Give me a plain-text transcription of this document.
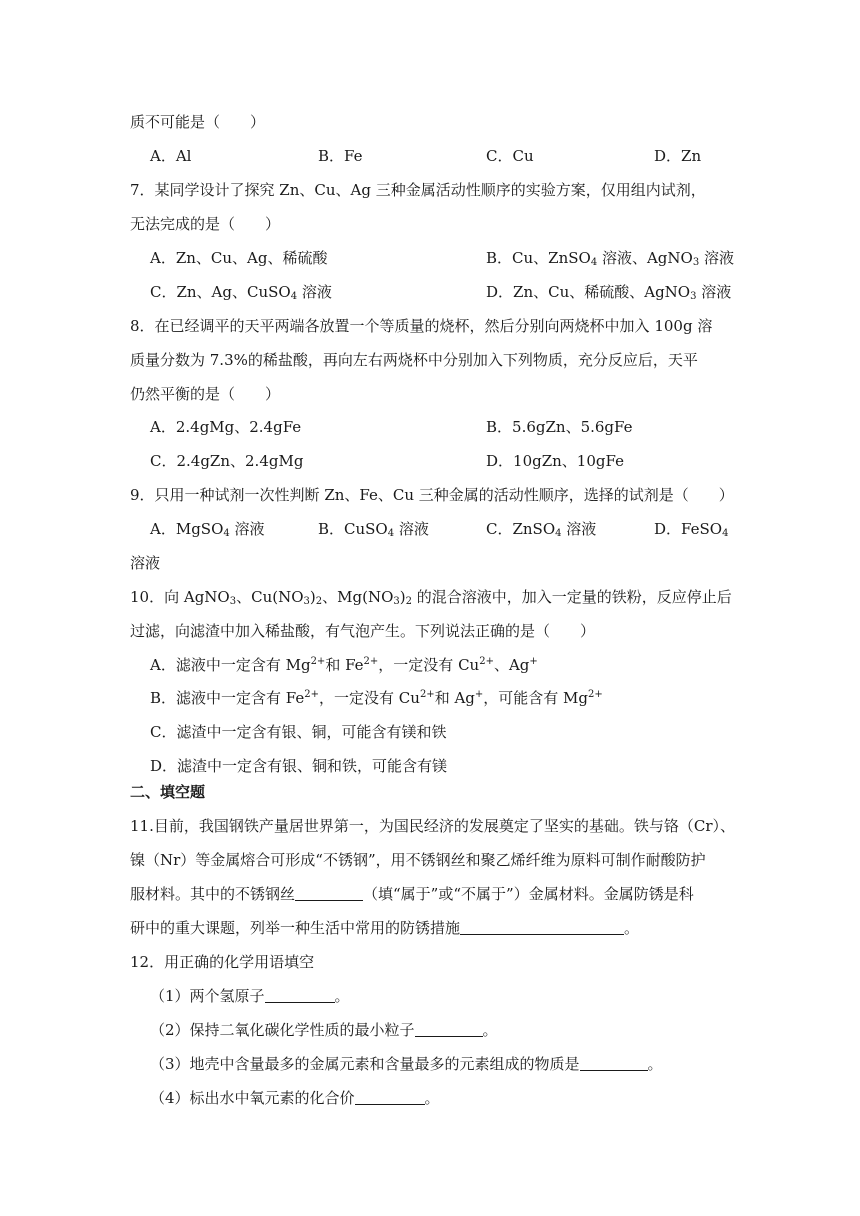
质不可能是（　　）
A．Al	B．Fe	C．Cu	D．Zn
7．某同学设计了探究 Zn、Cu、Ag 三种金属活动性顺序的实验方案，仅用组内试剂，
无法完成的是（　　）
A．Zn、Cu、Ag、稀硫酸	B．Cu、ZnSO$_4$ 溶液、AgNO$_3$ 溶液
C．Zn、Ag、CuSO$_4$ 溶液	D．Zn、Cu、稀硫酸、AgNO$_3$ 溶液
8．在已经调平的天平两端各放置一个等质量的烧杯，然后分别向两烧杯中加入 100g 溶
质量分数为 7.3%的稀盐酸，再向左右两烧杯中分别加入下列物质，充分反应后，天平
仍然平衡的是（　　）
A．2.4gMg、2.4gFe	B．5.6gZn、5.6gFe
C．2.4gZn、2.4gMg	D．10gZn、10gFe
9．只用一种试剂一次性判断 Zn、Fe、Cu 三种金属的活动性顺序，选择的试剂是（　　）
A．MgSO$_4$ 溶液	B．CuSO$_4$ 溶液	C．ZnSO$_4$ 溶液	D．FeSO$_4$
溶液
10．向 AgNO$_3$、$Cu(NO_3)_2$、$Mg(NO_3)_2$ 的混合溶液中，加入一定量的铁粉，反应停止后
过滤，向滤渣中加入稀盐酸，有气泡产生。下列说法正确的是（　　）
A．滤液中一定含有 $Mg^{2+}$和 $Fe^{2+}$，一定没有 $Cu^{2+}$、Ag+
B．滤液中一定含有 $Fe^{2+}$，一定没有 $Cu^{2+}$和 Ag+，可能含有 $Mg^{2+}$
C．滤渣中一定含有银、铜，可能含有镁和铁
D．滤渣中一定含有银、铜和铁，可能含有镁
二、填空题
11.目前，我国钢铁产量居世界第一，为国民经济的发展奠定了坚实的基础。铁与铬（Cr）、
镍（Nr）等金属熔合可形成“不锈钢”，用不锈钢丝和聚乙烯纤维为原料可制作耐酸防护
服材料。其中的不锈钢丝	（填“属于”或“不属于”）金属材料。金属防锈是科
研中的重大课题，列举一种生活中常用的防锈措施	。
12．用正确的化学用语填空
（1）两个氢原子	。
（2）保持二氧化碳化学性质的最小粒子	。
（3）地壳中含量最多的金属元素和含量最多的元素组成的物质是	。
（4）标出水中氧元素的化合价	。
